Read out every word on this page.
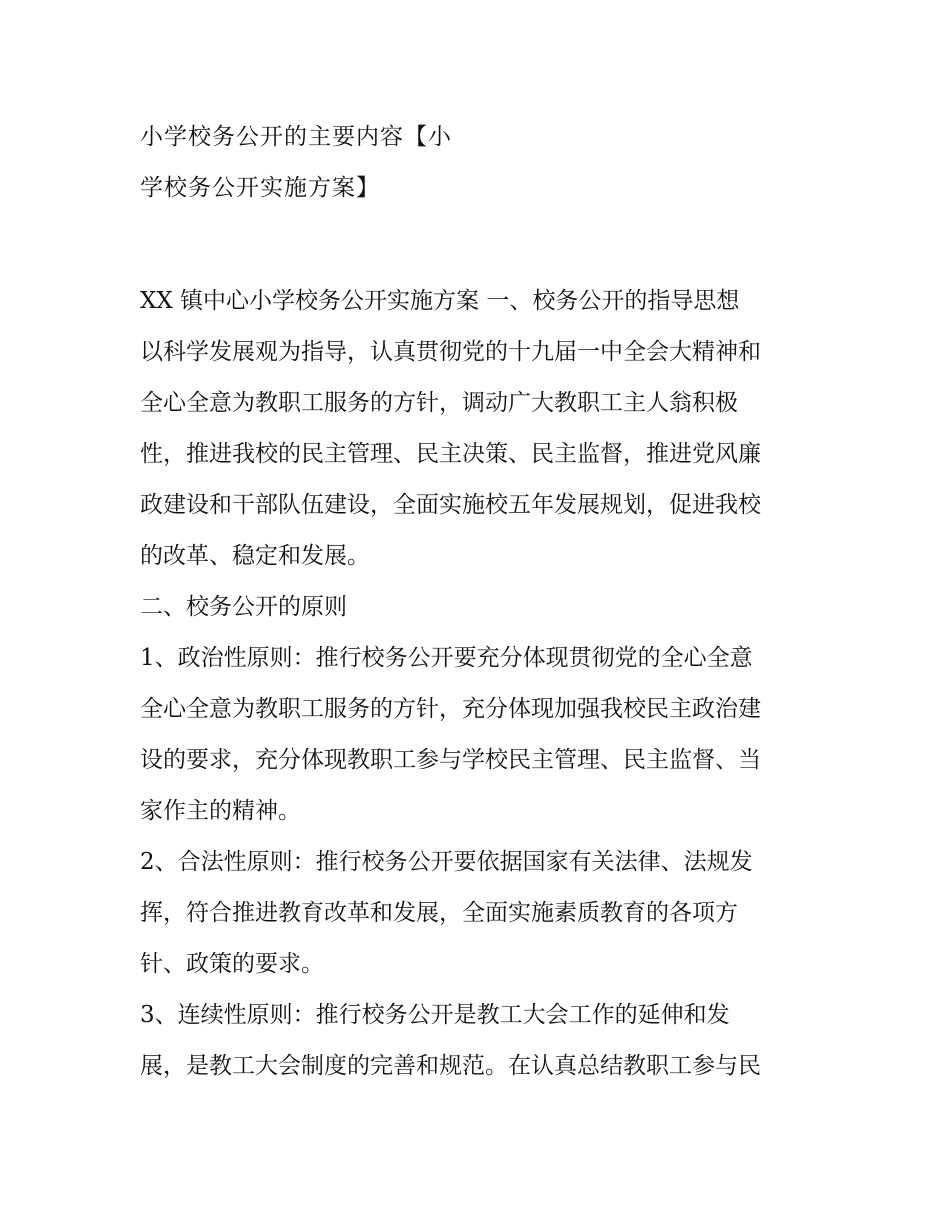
小学校务公开的主要内容【小
学校务公开实施方案】
XX 镇中心小学校务公开实施方案 一、校务公开的指导思想
以科学发展观为指导，认真贯彻党的十九届一中全会大精神和
全心全意为教职工服务的方针，调动广大教职工主人翁积极
性，推进我校的民主管理、民主决策、民主监督，推进党风廉
政建设和干部队伍建设，全面实施校五年发展规划，促进我校
的改革、稳定和发展。
二、校务公开的原则
1、政治性原则：推行校务公开要充分体现贯彻党的全心全意
全心全意为教职工服务的方针，充分体现加强我校民主政治建
设的要求，充分体现教职工参与学校民主管理、民主监督、当
家作主的精神。
2、合法性原则：推行校务公开要依据国家有关法律、法规发
挥，符合推进教育改革和发展，全面实施素质教育的各项方
针、政策的要求。
3、连续性原则：推行校务公开是教工大会工作的延伸和发
展，是教工大会制度的完善和规范。在认真总结教职工参与民
